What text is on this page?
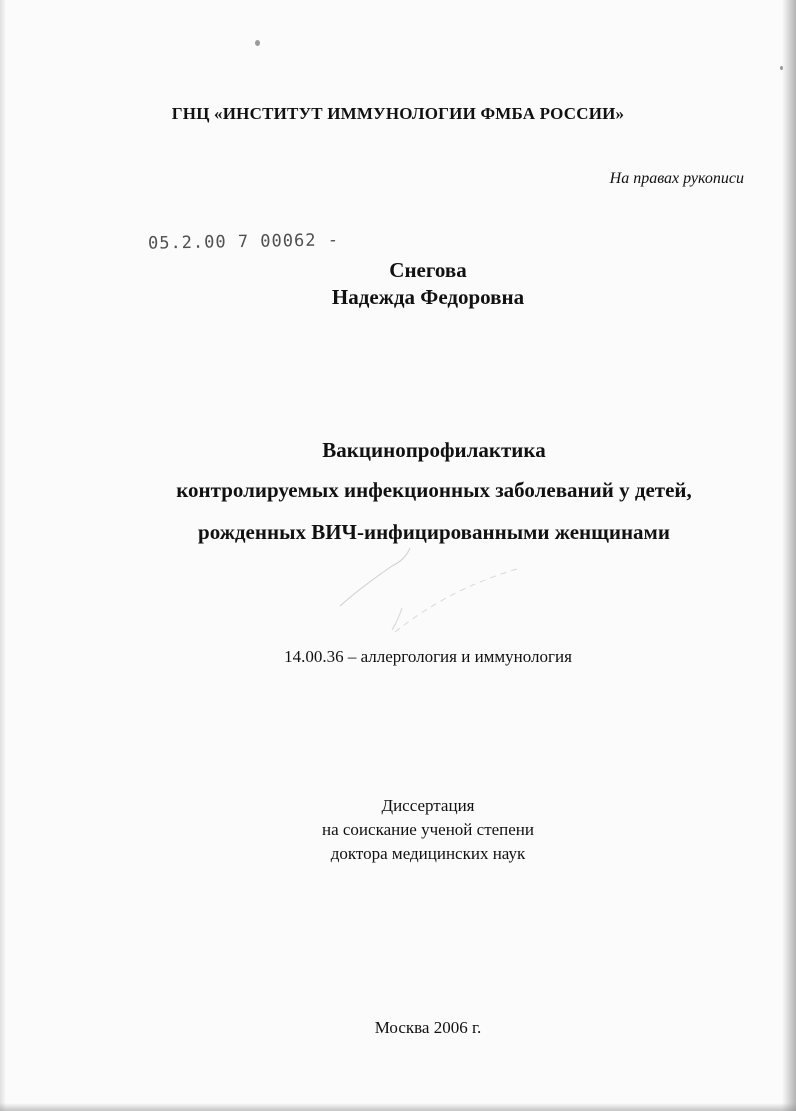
ГНЦ «ИНСТИТУТ ИММУНОЛОГИИ ФМБА РОССИИ»
На правах рукописи
05.2.00 7 00062 -
Снегова
Надежда Федоровна
Вакцинопрофилактика
контролируемых инфекционных заболеваний у детей,
рожденных ВИЧ-инфицированными женщинами
14.00.36 – аллергология и иммунология
Диссертация
на соискание ученой степени
доктора медицинских наук
Москва 2006 г.
